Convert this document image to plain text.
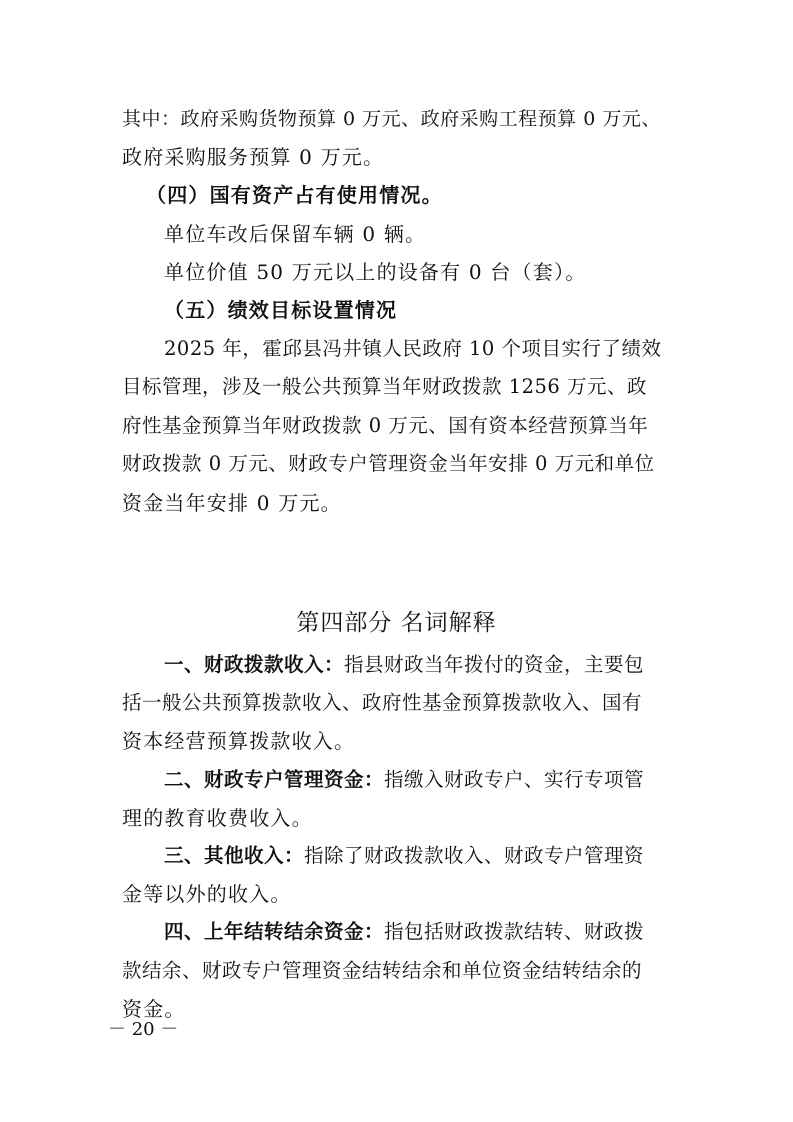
其中：政府采购货物预算 0 万元、政府采购工程预算 0 万元、
政府采购服务预算 0 万元。
（四）国有资产占有使用情况。
单位车改后保留车辆 0 辆。
单位价值 50 万元以上的设备有 0 台（套）。
（五）绩效目标设置情况
2025 年，霍邱县冯井镇人民政府 10 个项目实行了绩效
目标管理，涉及一般公共预算当年财政拨款 1256 万元、政
府性基金预算当年财政拨款 0 万元、国有资本经营预算当年
财政拨款 0 万元、财政专户管理资金当年安排 0 万元和单位
资金当年安排 0 万元。
第四部分 名词解释
一、财政拨款收入：指县财政当年拨付的资金，主要包
括一般公共预算拨款收入、政府性基金预算拨款收入、国有
资本经营预算拨款收入。
二、财政专户管理资金：指缴入财政专户、实行专项管
理的教育收费收入。
三、其他收入：指除了财政拨款收入、财政专户管理资
金等以外的收入。
四、上年结转结余资金：指包括财政拨款结转、财政拨
款结余、财政专户管理资金结转结余和单位资金结转结余的
资金。
－ 20 －
